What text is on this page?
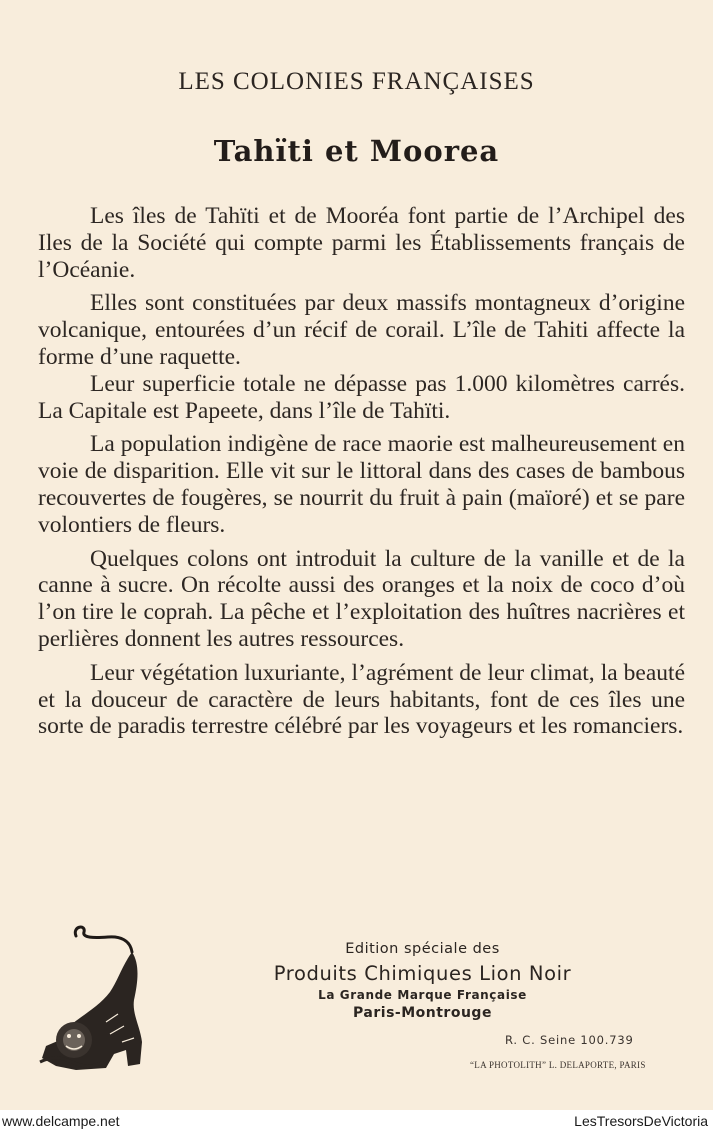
LES COLONIES FRANÇAISES
Tahïti et Moorea

Les îles de Tahïti et de Mooréa font partie de l’Archipel des Iles de la Société qui compte parmi les Établissements français de l’Océanie.

Elles sont constituées par deux massifs montagneux d’origine volcanique, entourées d’un récif de corail. L’île de Tahiti affecte la forme d’une raquette.

Leur superficie totale ne dépasse pas 1.000 kilomètres carrés. La Capitale est Papeete, dans l’île de Tahïti.

La population indigène de race maorie est malheureusement en voie de disparition. Elle vit sur le littoral dans des cases de bambous recouvertes de fougères, se nourrit du fruit à pain (maïoré) et se pare volontiers de fleurs.

Quelques colons ont introduit la culture de la vanille et de la canne à sucre. On récolte aussi des oranges et la noix de coco d’où l’on tire le coprah. La pêche et l’exploitation des huîtres nacrières et perlières donnent les autres ressources.

Leur végétation luxuriante, l’agrément de leur climat, la beauté et la douceur de caractère de leurs habitants, font de ces îles une sorte de paradis terrestre célébré par les voyageurs et les romanciers.

Edition spéciale des
Produits Chimiques Lion Noir
La Grande Marque Française
Paris-Montrouge
R. C. Seine 100.739
“LA PHOTOLITH” L. DELAPORTE, PARIS
www.delcampe.net	LesTresorsDeVictoria
